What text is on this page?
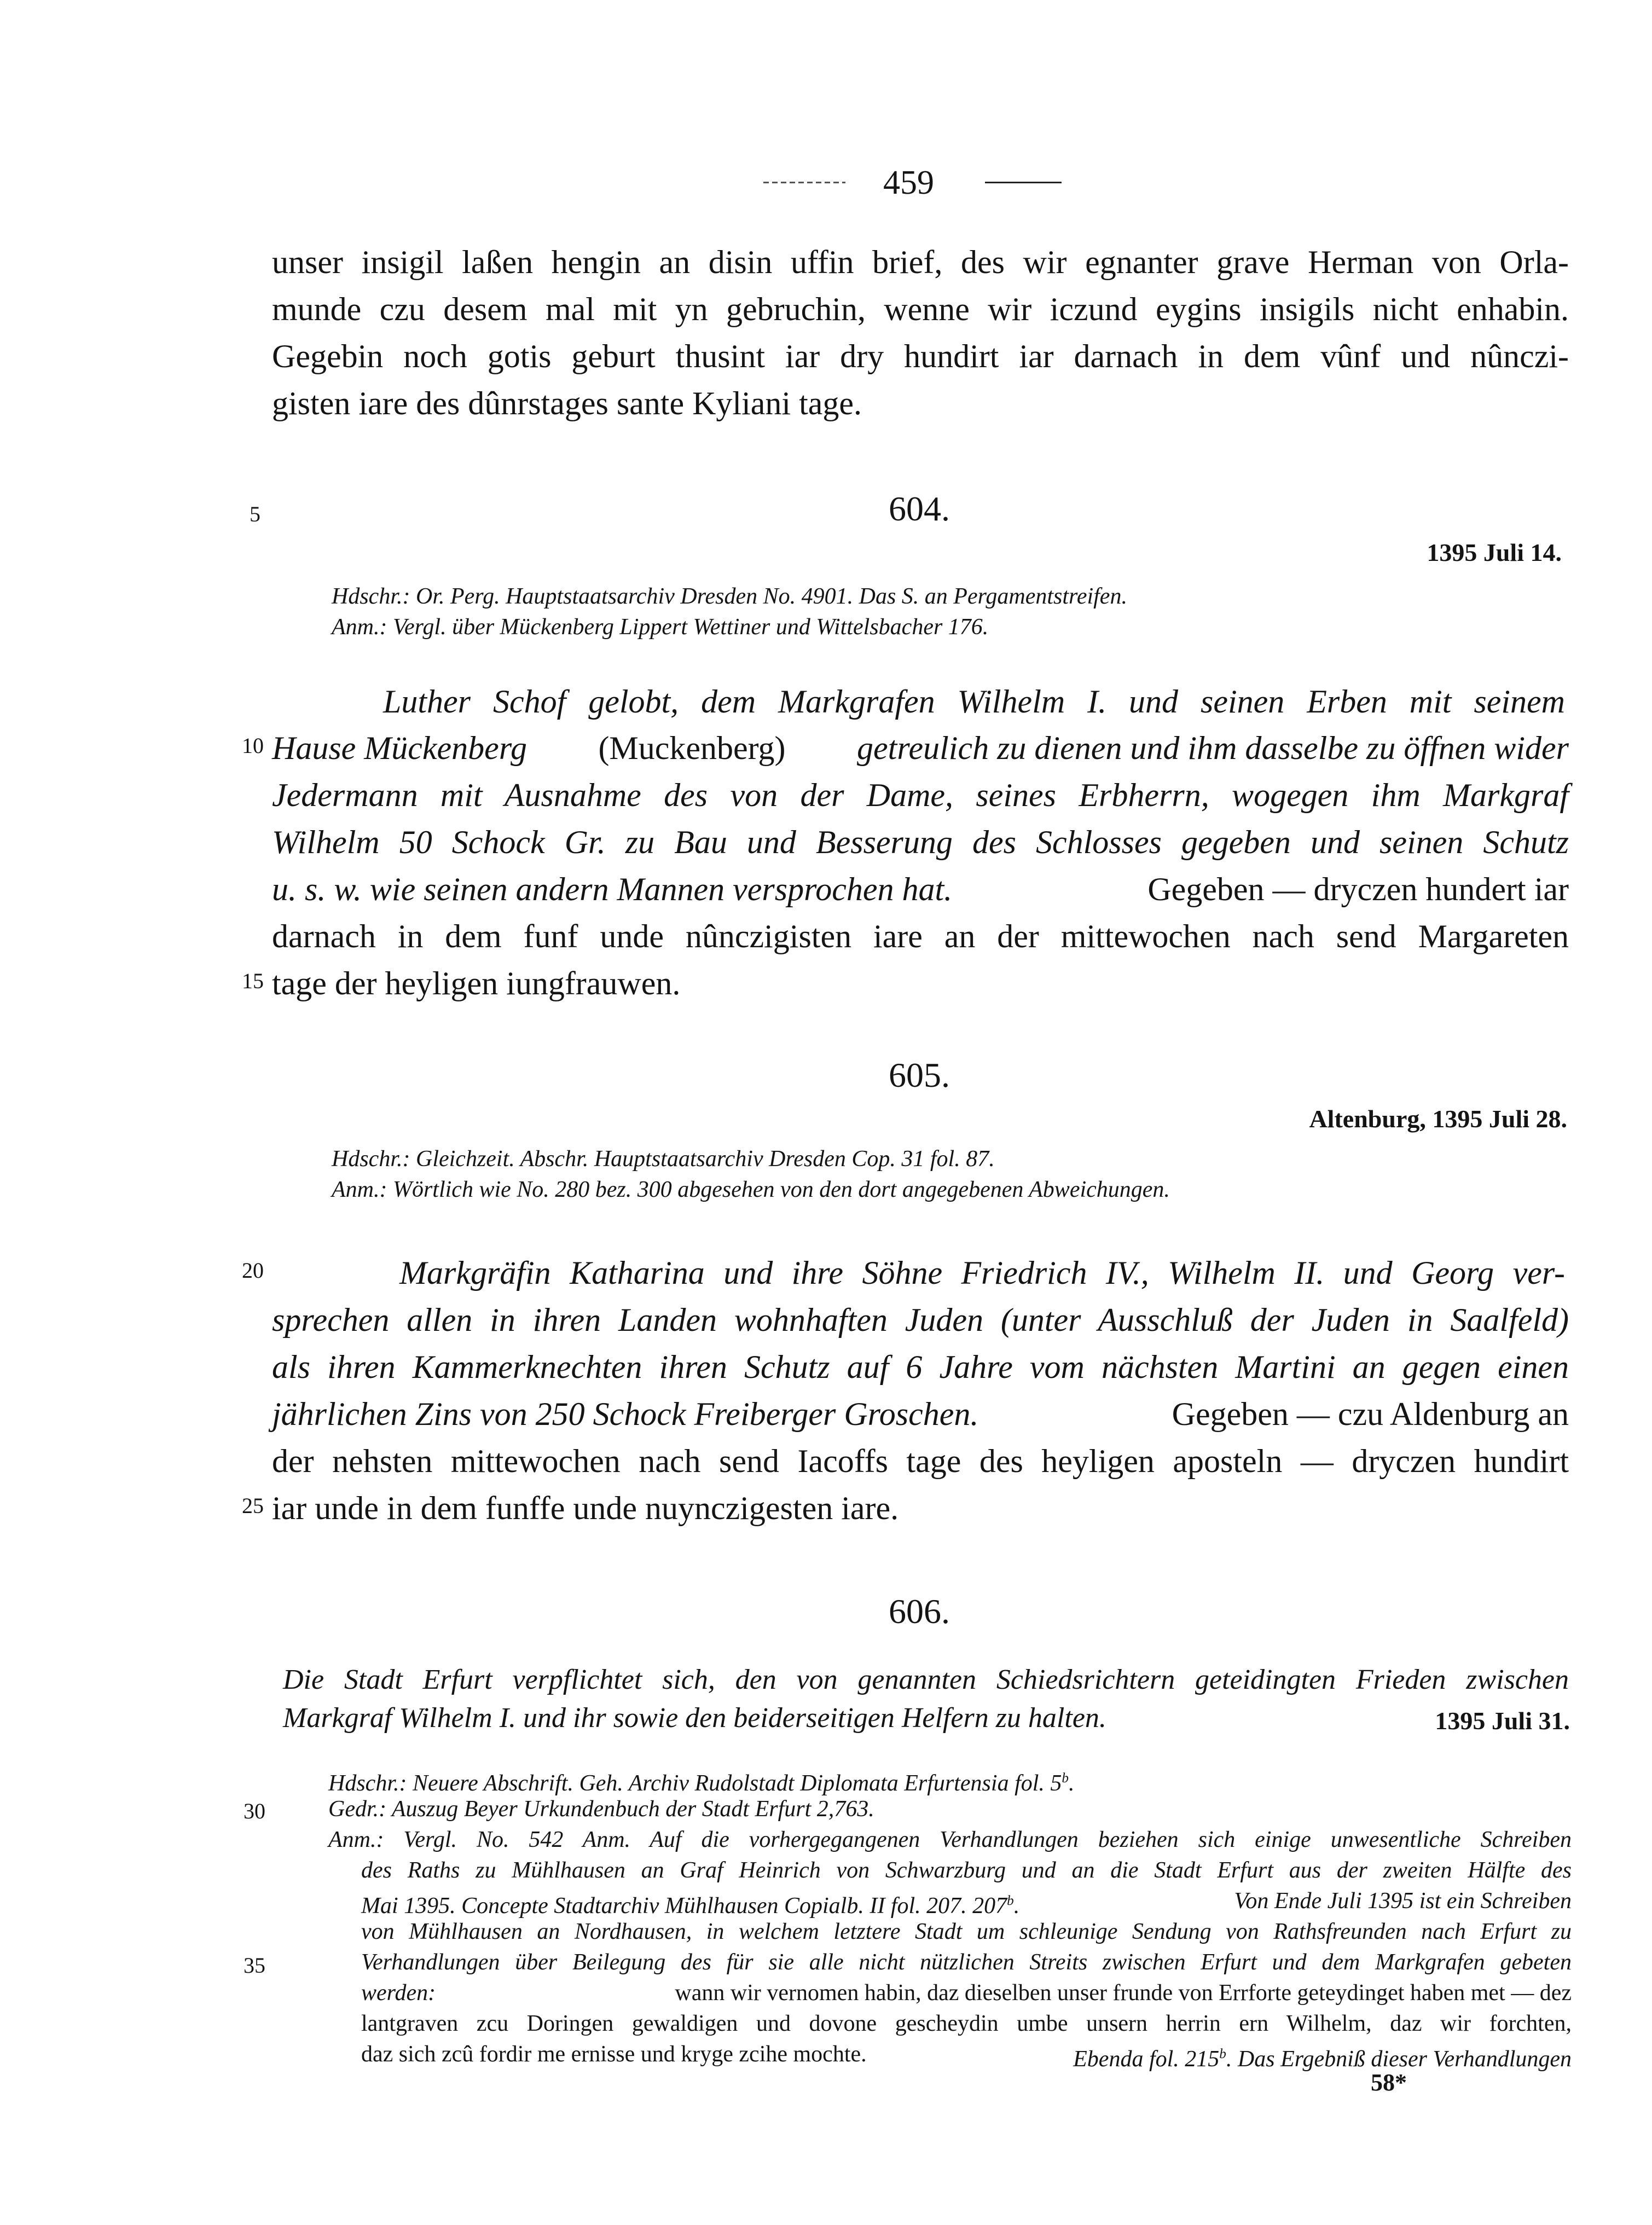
459
unser insigil laßen hengin an disin uffin brief, des wir egnanter grave Herman von Orla-
munde czu desem mal mit yn gebruchin, wenne wir iczund eygins insigils nicht enhabin.
Gegebin noch gotis geburt thusint iar dry hundirt iar darnach in dem vûnf und nûnczi-
gisten iare des dûnrstages sante Kyliani tage.
5	604.
1395 Juli 14.
Hdschr.: Or. Perg. Hauptstaatsarchiv Dresden No. 4901. Das S. an Pergamentstreifen.
Anm.: Vergl. über Mückenberg Lippert Wettiner und Wittelsbacher 176.
Luther Schof gelobt, dem Markgrafen Wilhelm I. und seinen Erben mit seinem
10 Hause Mückenberg (Muckenberg) getreulich zu dienen und ihm dasselbe zu öffnen wider
Jedermann mit Ausnahme des von der Dame, seines Erbherrn, wogegen ihm Markgraf
Wilhelm 50 Schock Gr. zu Bau und Besserung des Schlosses gegeben und seinen Schutz
u. s. w. wie seinen andern Mannen versprochen hat.	Gegeben — dryczen hundert iar
darnach in dem funf unde nûnczigisten iare an der mittewochen nach send Margareten
15 tage der heyligen iungfrauwen.
605.
Altenburg, 1395 Juli 28.
Hdschr.: Gleichzeit. Abschr. Hauptstaatsarchiv Dresden Cop. 31 fol. 87.
Anm.: Wörtlich wie No. 280 bez. 300 abgesehen von den dort angegebenen Abweichungen.
20	Markgräfin Katharina und ihre Söhne Friedrich IV., Wilhelm II. und Georg ver-
sprechen allen in ihren Landen wohnhaften Juden (unter Ausschluß der Juden in Saalfeld)
als ihren Kammerknechten ihren Schutz auf 6 Jahre vom nächsten Martini an gegen einen
jährlichen Zins von 250 Schock Freiberger Groschen.	Gegeben — czu Aldenburg an
der nehsten mittewochen nach send Iacoffs tage des heyligen aposteln — dryczen hundirt
25 iar unde in dem funffe unde nuynczigesten iare.
606.
Die Stadt Erfurt verpflichtet sich, den von genannten Schiedsrichtern geteidingten Frieden zwischen
Markgraf Wilhelm I. und ihr sowie den beiderseitigen Helfern zu halten.	1395 Juli 31.
Hdschr.: Neuere Abschrift. Geh. Archiv Rudolstadt Diplomata Erfurtensia fol. 5$^b$.
30	Gedr.: Auszug Beyer Urkundenbuch der Stadt Erfurt 2,763.
Anm.: Vergl. No. 542 Anm. Auf die vorhergegangenen Verhandlungen beziehen sich einige unwesentliche Schreiben
des Raths zu Mühlhausen an Graf Heinrich von Schwarzburg und an die Stadt Erfurt aus der zweiten Hälfte des
Mai 1395. Concepte Stadtarchiv Mühlhausen Copialb. II fol. 207. 207$^b$.	Von Ende Juli 1395 ist ein Schreiben
von Mühlhausen an Nordhausen, in welchem letztere Stadt um schleunige Sendung von Rathsfreunden nach Erfurt zu
35	Verhandlungen über Beilegung des für sie alle nicht nützlichen Streits zwischen Erfurt und dem Markgrafen gebeten
werden:	wann wir vernomen habin, daz dieselben unser frunde von Errforte geteydinget haben met — dez
lantgraven zcu Doringen gewaldigen und dovone gescheydin umbe unsern herrin ern Wilhelm, daz wir forchten,
daz sich zcû fordir me ernisse und kryge zcihe mochte.	Ebenda fol. 215$^b$. Das Ergebniß dieser Verhandlungen
58*
